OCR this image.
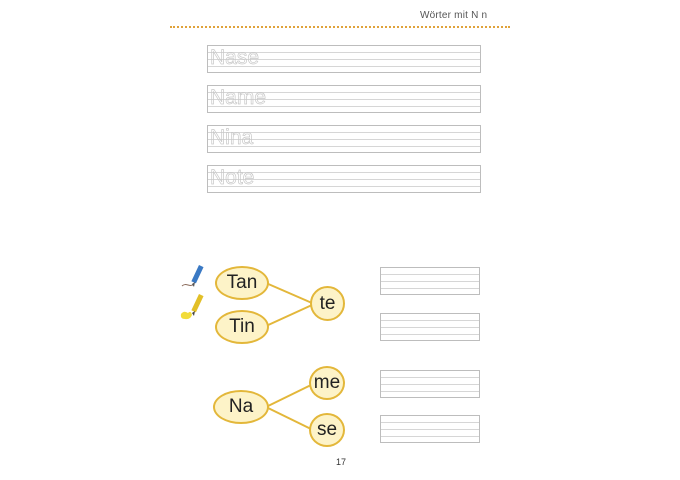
Wörter mit N n
Nase
Name
Nina
Note
Tan
Tin
te
Na
me
se
17
